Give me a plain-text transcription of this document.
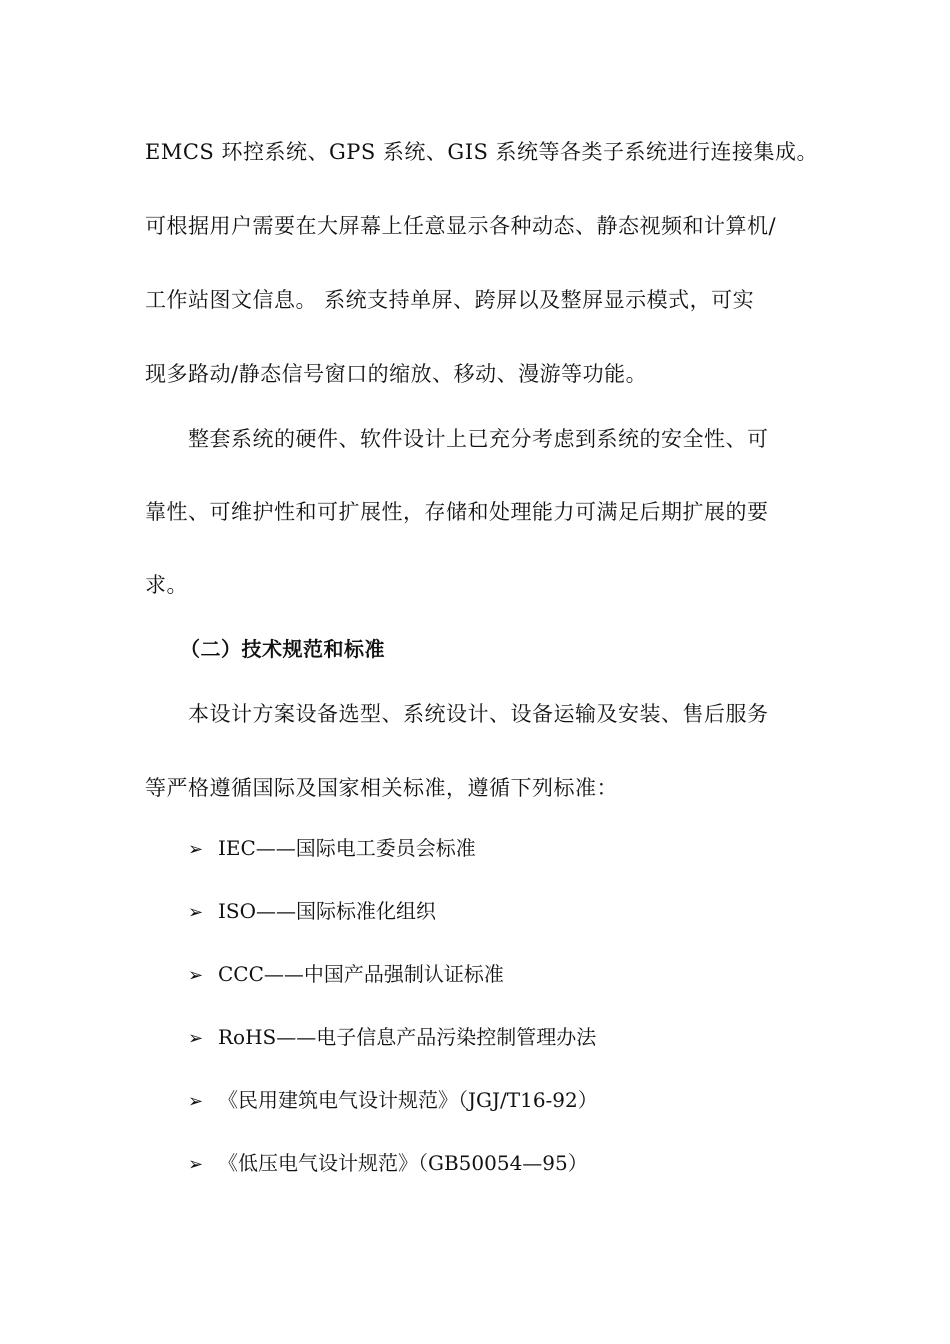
EMCS 环控系统、GPS 系统、GIS 系统等各类子系统进行连接集成。
可根据用户需要在大屏幕上任意显示各种动态、静态视频和计算机/
工作站图文信息。 系统支持单屏、跨屏以及整屏显示模式，可实
现多路动/静态信号窗口的缩放、移动、漫游等功能。
整套系统的硬件、软件设计上已充分考虑到系统的安全性、可
靠性、可维护性和可扩展性，存储和处理能力可满足后期扩展的要
求。
（二）技术规范和标准
本设计方案设备选型、系统设计、设备运输及安装、售后服务
等严格遵循国际及国家相关标准，遵循下列标准：
➢ IEC——国际电工委员会标准
➢ ISO——国际标准化组织
➢ CCC——中国产品强制认证标准
➢ RoHS——电子信息产品污染控制管理办法
➢ 《民用建筑电气设计规范》（JGJ/T16-92）
➢ 《低压电气设计规范》（GB50054—95）
